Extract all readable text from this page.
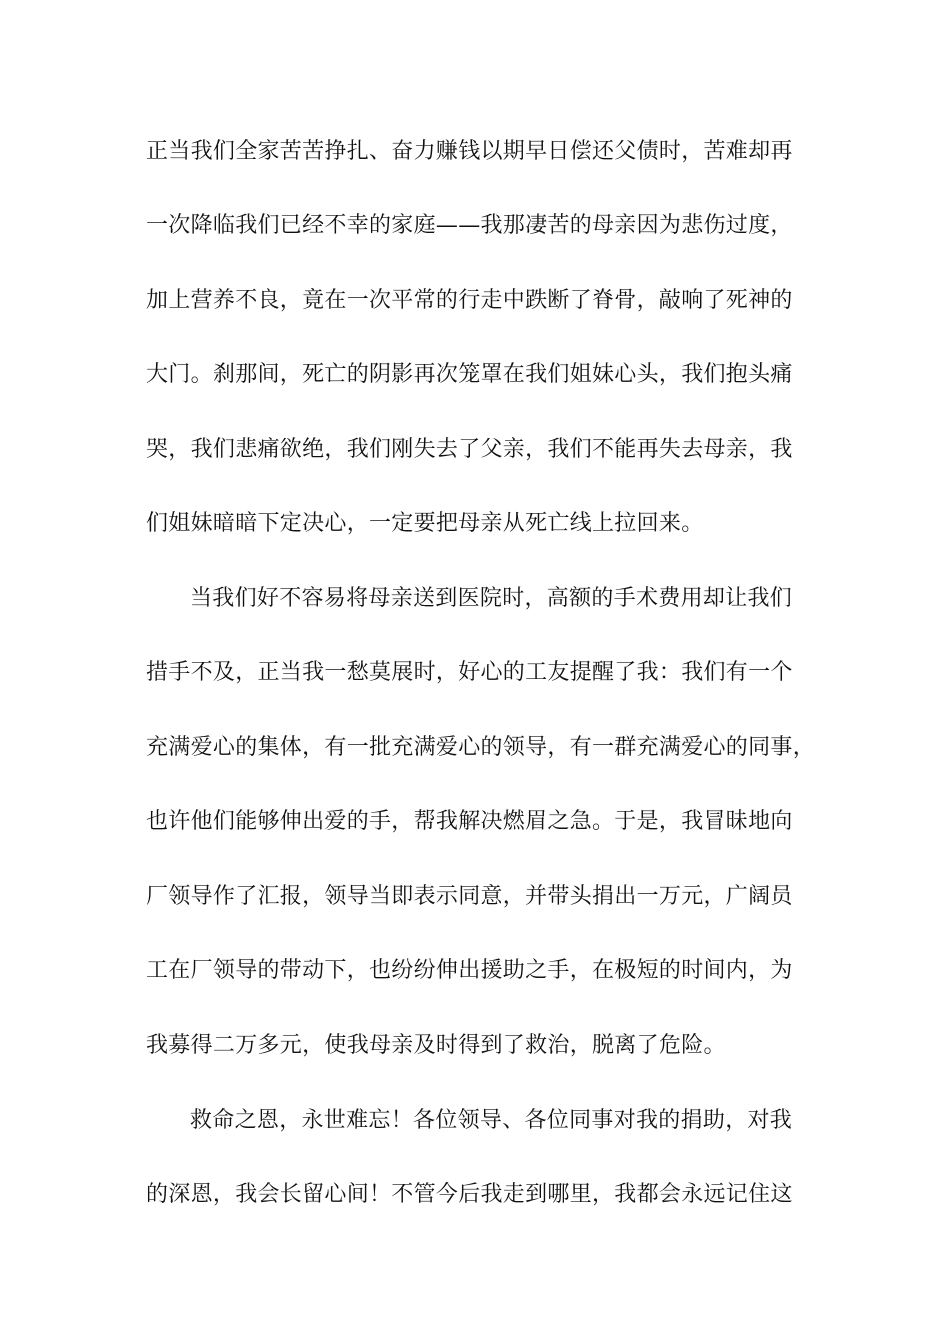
正当我们全家苦苦挣扎、奋力赚钱以期早日偿还父债时，苦难却再
一次降临我们已经不幸的家庭——我那凄苦的母亲因为悲伤过度，
加上营养不良，竟在一次平常的行走中跌断了脊骨，敲响了死神的
大门。刹那间，死亡的阴影再次笼罩在我们姐妹心头，我们抱头痛
哭，我们悲痛欲绝，我们刚失去了父亲，我们不能再失去母亲，我
们姐妹暗暗下定决心，一定要把母亲从死亡线上拉回来。
当我们好不容易将母亲送到医院时，高额的手术费用却让我们
措手不及，正当我一愁莫展时，好心的工友提醒了我：我们有一个
充满爱心的集体，有一批充满爱心的领导，有一群充满爱心的同事，
也许他们能够伸出爱的手，帮我解决燃眉之急。于是，我冒昧地向
厂领导作了汇报，领导当即表示同意，并带头捐出一万元，广阔员
工在厂领导的带动下，也纷纷伸出援助之手，在极短的时间内，为
我募得二万多元，使我母亲及时得到了救治，脱离了危险。
救命之恩，永世难忘！各位领导、各位同事对我的捐助，对我
的深恩，我会长留心间！不管今后我走到哪里，我都会永远记住这
